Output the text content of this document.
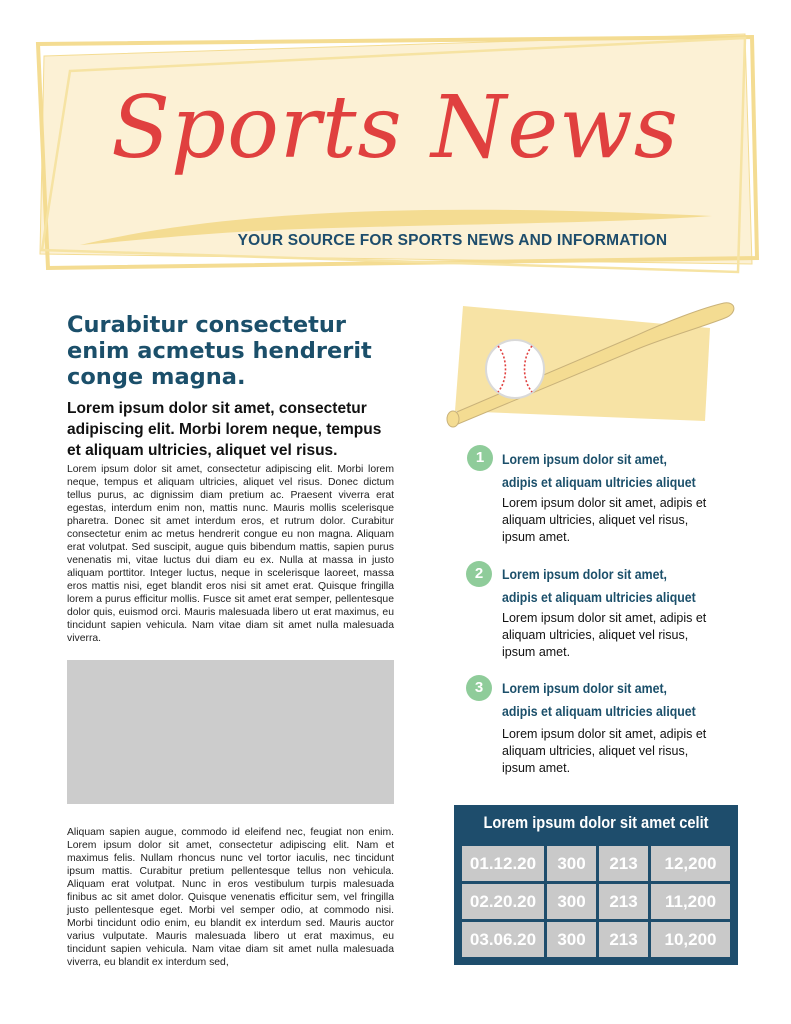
Sports News
YOUR SOURCE FOR SPORTS NEWS AND INFORMATION
Curabitur consectetur enim acmetus hendrerit conge magna.
Lorem ipsum dolor sit amet, consectetur adipiscing elit. Morbi lorem neque, tempus et aliquam ultricies, aliquet vel risus.
Lorem ipsum dolor sit amet, consectetur adipiscing elit. Morbi lorem neque, tempus et aliquam ultricies, aliquet vel risus. Donec dictum tellus purus, ac dignissim diam pretium ac. Praesent viverra erat egestas, interdum enim non, mattis nunc. Mauris mollis scelerisque pharetra. Donec sit amet interdum eros, et rutrum dolor. Curabitur consectetur enim ac metus hendrerit congue eu non magna. Aliquam erat volutpat. Sed suscipit, augue quis bibendum mattis, sapien purus venenatis mi, vitae luctus dui diam eu ex. Nulla at massa in justo aliquam porttitor. Integer luctus, neque in scelerisque laoreet, massa eros mattis nisi, eget blandit eros nisi sit amet erat. Quisque fringilla lorem a purus efficitur mollis. Fusce sit amet erat semper, pellentesque dolor quis, euismod orci. Mauris malesuada libero ut erat maximus, eu tincidunt sapien vehicula. Nam vitae diam sit amet nulla malesuada viverra.
Aliquam sapien augue, commodo id eleifend nec, feugiat non enim. Lorem ipsum dolor sit amet, consectetur adipiscing elit. Nam et maximus felis. Nullam rhoncus nunc vel tortor iaculis, nec tincidunt ipsum mattis. Curabitur pretium pellentesque tellus non vehicula. Aliquam erat volutpat. Nunc in eros vestibulum turpis malesuada finibus ac sit amet dolor. Quisque venenatis efficitur sem, vel fringilla justo pellentesque eget. Morbi vel semper odio, at commodo nisi. Morbi tincidunt odio enim, eu blandit ex interdum sed. Mauris auctor varius vulputate. Mauris malesuada libero ut erat maximus, eu tincidunt sapien vehicula. Nam vitae diam sit amet nulla malesuada viverra, eu blandit ex interdum sed,
1	Lorem ipsum dolor sit amet,
adipis et aliquam ultricies aliquet
Lorem ipsum dolor sit amet, adipis et aliquam ultricies, aliquet vel risus, ipsum amet.
2	Lorem ipsum dolor sit amet,
adipis et aliquam ultricies aliquet
Lorem ipsum dolor sit amet, adipis et aliquam ultricies, aliquet vel risus, ipsum amet.
3	Lorem ipsum dolor sit amet,
adipis et aliquam ultricies aliquet
Lorem ipsum dolor sit amet, adipis et aliquam ultricies, aliquet vel risus, ipsum amet.
Lorem ipsum dolor sit amet celit
01.12.20	300	213	12,200
02.20.20	300	213	11,200
03.06.20	300	213	10,200
